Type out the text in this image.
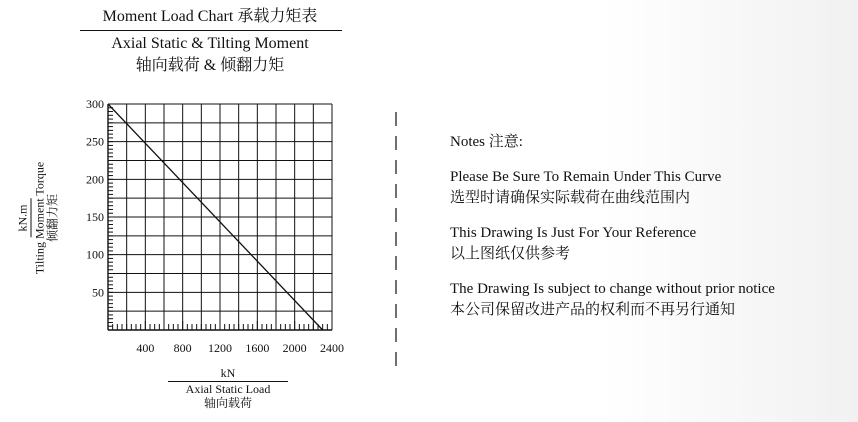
Moment Load Chart 承载力矩表
Axial Static & Tilting Moment
轴向载荷 & 倾翻力矩
50
100
150
200
250
300
400 800 1200 1600 2000 2400
kN.m Tilting Moment Torque 倾翻力矩
kN
Axial Static Load
轴向载荷
Notes 注意:
Please Be Sure To Remain Under This Curve
选型时请确保实际载荷在曲线范围内
This Drawing Is Just For Your Reference
以上图纸仅供参考
The Drawing Is subject to change without prior notice
本公司保留改进产品的权利而不再另行通知
